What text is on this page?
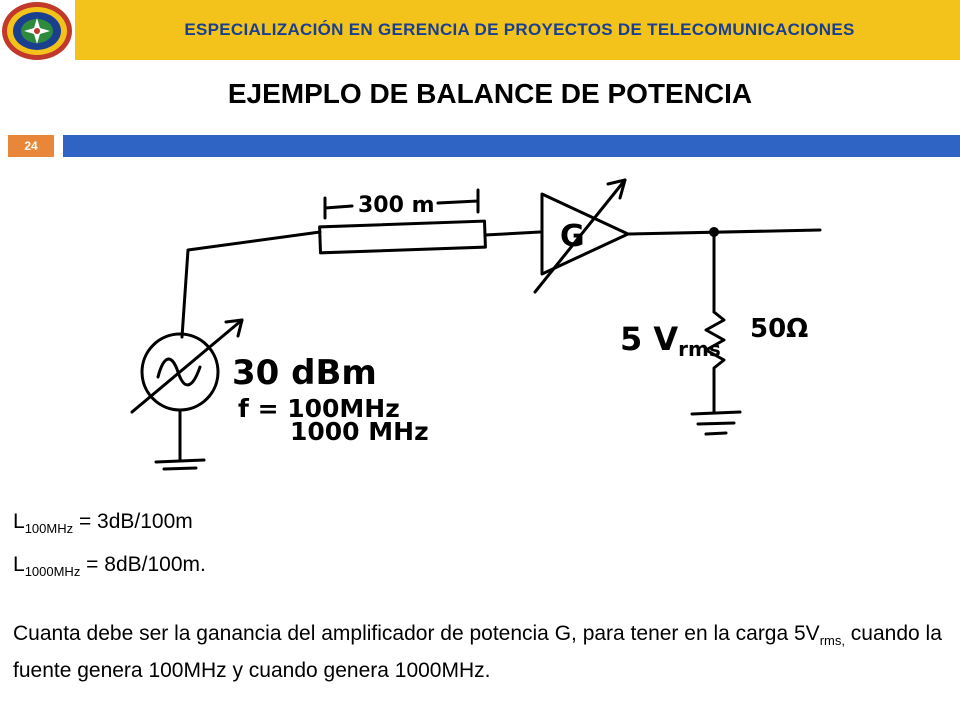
ESPECIALIZACIÓN EN GERENCIA DE PROYECTOS DE TELECOMUNICACIONES
EJEMPLO DE BALANCE DE POTENCIA
24
300 m
G
30 dBm
f = 100MHz
1000 MHz
5 Vrms
50Ω
$L_{100MHz} = 3dB/100m$
$L_{1000MHz} = 8dB/100m$.
Cuanta debe ser la ganancia del amplificador de potencia G, para tener en la carga $5V_{rms,}$ cuando la fuente genera 100MHz y cuando genera 1000MHz.
